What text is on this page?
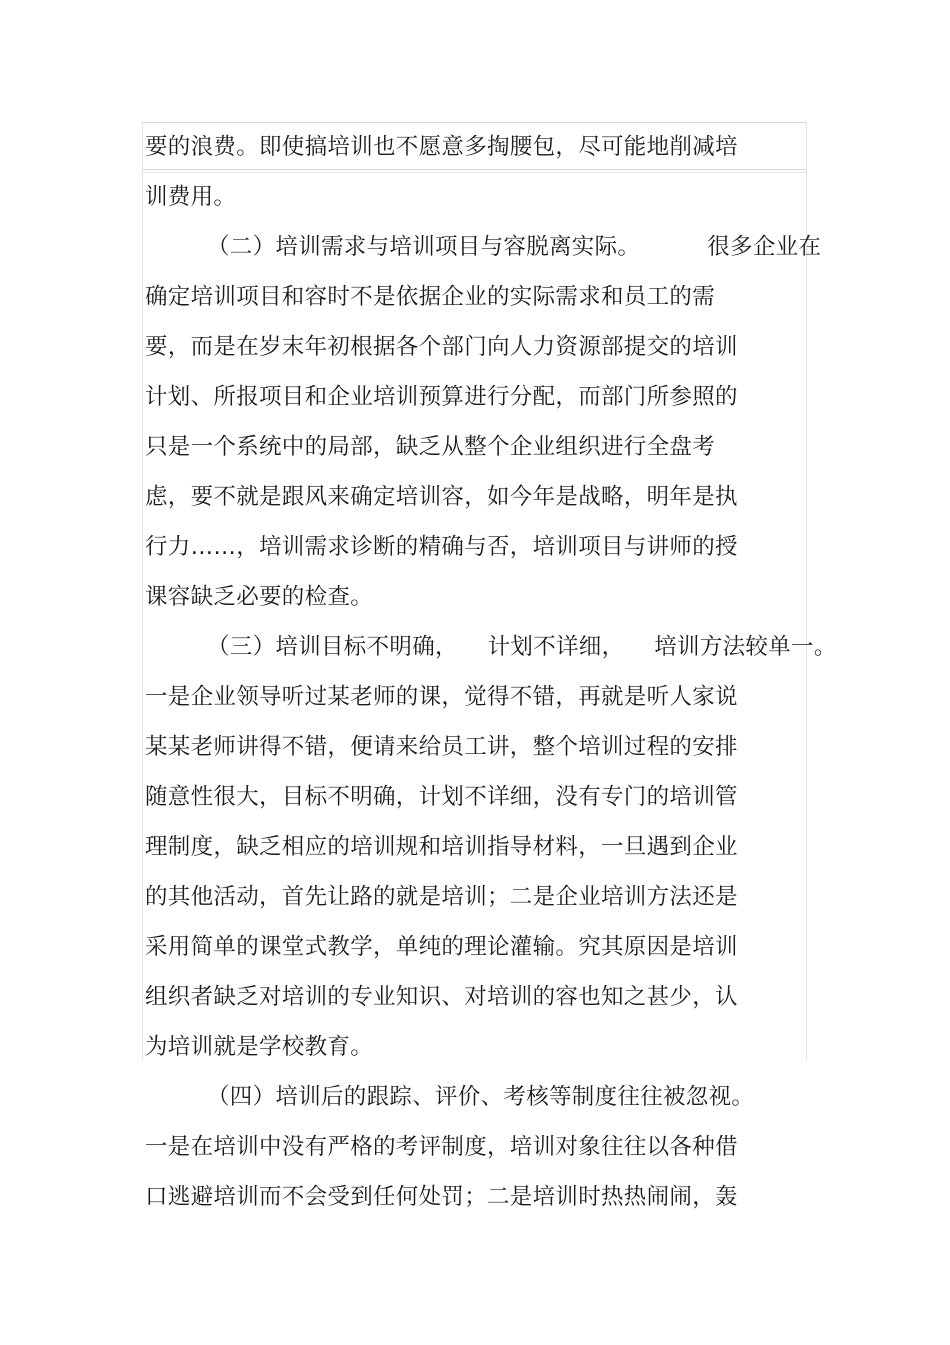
要的浪费。即使搞培训也不愿意多掏腰包，尽可能地削减培
训费用。
（二）培训需求与培训项目与容脱离实际。         很多企业在
确定培训项目和容时不是依据企业的实际需求和员工的需
要，而是在岁末年初根据各个部门向人力资源部提交的培训
计划、所报项目和企业培训预算进行分配，而部门所参照的
只是一个系统中的局部，缺乏从整个企业组织进行全盘考
虑，要不就是跟风来确定培训容，如今年是战略，明年是执
行力……，培训需求诊断的精确与否，培训项目与讲师的授
课容缺乏必要的检查。
（三）培训目标不明确，    计划不详细，    培训方法较单一。
一是企业领导听过某老师的课，觉得不错，再就是听人家说
某某老师讲得不错，便请来给员工讲，整个培训过程的安排
随意性很大，目标不明确，计划不详细，没有专门的培训管
理制度，缺乏相应的培训规和培训指导材料，一旦遇到企业
的其他活动，首先让路的就是培训；二是企业培训方法还是
采用简单的课堂式教学，单纯的理论灌输。究其原因是培训
组织者缺乏对培训的专业知识、对培训的容也知之甚少，认
为培训就是学校教育。
（四）培训后的跟踪、评价、考核等制度往往被忽视。
一是在培训中没有严格的考评制度，培训对象往往以各种借
口逃避培训而不会受到任何处罚；二是培训时热热闹闹，轰
